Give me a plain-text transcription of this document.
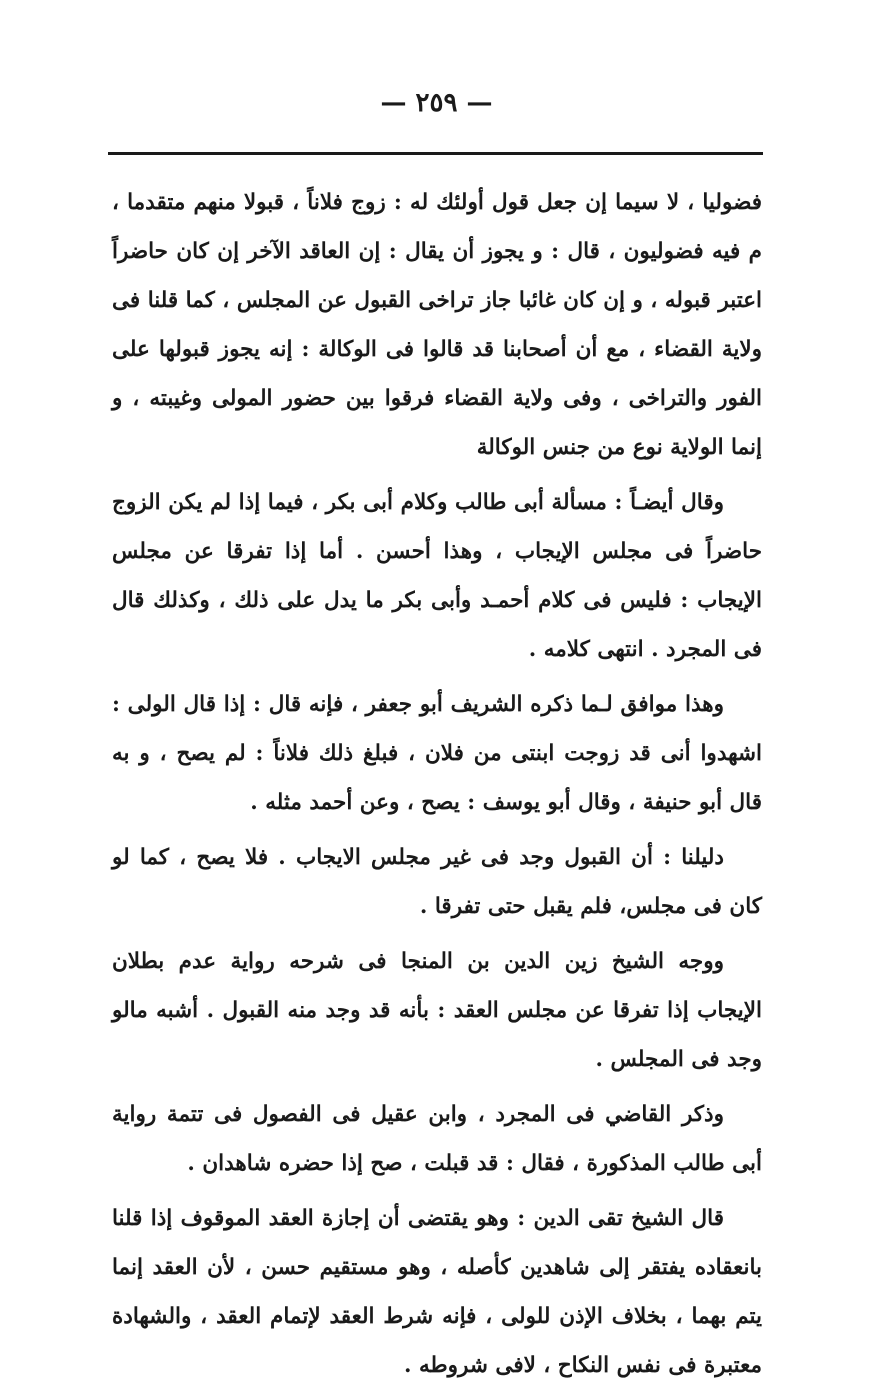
— ٢٥٩ —

فضوليا ، لا سيما إن جعل قول أولئك له : زوج فلاناً ، قبولا منهم متقدما ، م فيه فضوليون ، قال : و يجوز أن يقال : إن العاقد الآخر إن كان حاضراً اعتبر قبوله ، و إن كان غائبا جاز تراخى القبول عن المجلس ، كما قلنا فى ولاية القضاء ، مع أن أصحابنا قد قالوا فى الوكالة : إنه يجوز قبولها على الفور والتراخى ، وفى ولاية القضاء فرقوا بين حضور المولى وغيبته ، و إنما الولاية نوع من جنس الوكالة

وقال أيضـاً : مسألة أبى طالب وكلام أبى بكر ، فيما إذا لم يكن الزوج حاضراً فى مجلس الإيجاب ، وهذا أحسن . أما إذا تفرقا عن مجلس الإيجاب : فليس فى كلام أحمـد وأبى بكر ما يدل على ذلك ، وكذلك قال فى المجرد . انتهى كلامه .

وهذا موافق لـما ذكره الشريف أبو جعفر ، فإنه قال : إذا قال الولى : اشهدوا أنى قد زوجت ابنتى من فلان ، فبلغ ذلك فلاناً : لم يصح ، و به قال أبو حنيفة ، وقال أبو يوسف : يصح ، وعن أحمد مثله .

دليلنا : أن القبول وجد فى غير مجلس الايجاب . فلا يصح ، كما لو كان فى مجلس، فلم يقبل حتى تفرقا .

ووجه الشيخ زين الدين بن المنجا فى شرحه رواية عدم بطلان الإيجاب إذا تفرقا عن مجلس العقد : بأنه قد وجد منه القبول . أشبه مالو وجد فى المجلس .

وذكر القاضي فى المجرد ، وابن عقيل فى الفصول فى تتمة رواية أبى طالب المذكورة ، فقال : قد قبلت ، صح إذا حضره شاهدان .

قال الشيخ تقى الدين : وهو يقتضى أن إجازة العقد الموقوف إذا قلنا بانعقاده يفتقر إلى شاهدين كأصله ، وهو مستقيم حسن ، لأن العقد إنما يتم بهما ، بخلاف الإذن للولى ، فإنه شرط العقد لإتمام العقد ، والشهادة معتبرة فى نفس النكاح ، لافى شروطه .
